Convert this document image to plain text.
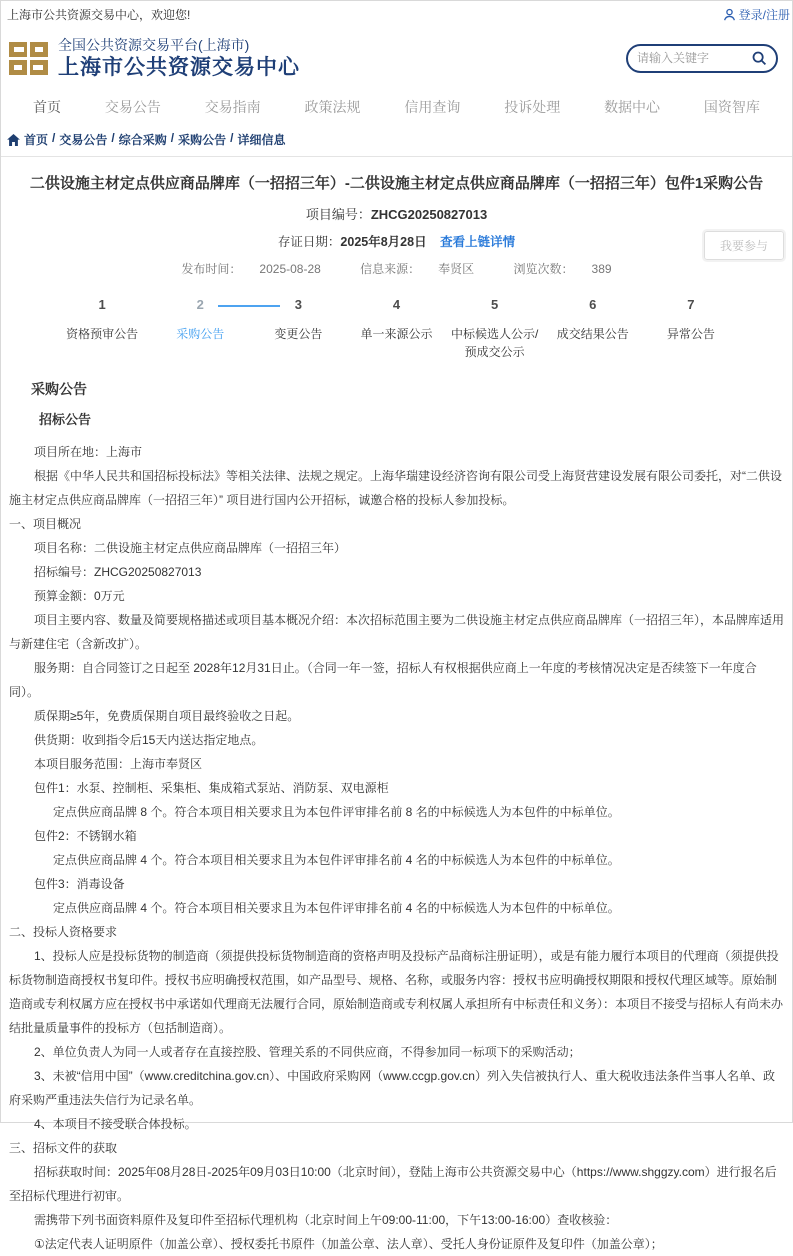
上海市公共资源交易中心，欢迎您!	登录/注册
全国公共资源交易平台(上海市)
上海市公共资源交易中心
请输入关键字
首页	交易公告	交易指南	政策法规	信用查询	投诉处理	数据中心	国资智库
首页 / 交易公告 / 综合采购 / 采购公告 / 详细信息
二供设施主材定点供应商品牌库（一招招三年）-二供设施主材定点供应商品牌库（一招招三年）包件1采购公告
项目编号：ZHCG20250827013
存证日期：2025年8月28日 查看上链详情
发布时间： 2025-08-28	信息来源： 奉贤区	浏览次数： 389
我要参与
1
资格预审公告
2
采购公告
3
变更公告
4
单一来源公示
5
中标候选人公示/预成交公示
6
成交结果公告
7
异常公告
采购公告
招标公告

项目所在地：上海市

根据《中华人民共和国招标投标法》等相关法律、法规之规定。上海华瑞建设经济咨询有限公司受上海贤营建设发展有限公司委托，对“二供设施主材定点供应商品牌库（一招招三年）” 项目进行国内公开招标，诚邀合格的投标人参加投标。

一、项目概况

项目名称：二供设施主材定点供应商品牌库（一招招三年）

招标编号：ZHCG20250827013

预算金额：0万元

项目主要内容、数量及简要规格描述或项目基本概况介绍：本次招标范围主要为二供设施主材定点供应商品牌库（一招招三年），本品牌库适用与新建住宅（含新改扩）。

服务期：自合同签订之日起至 2028年12月31日止。（合同一年一签，招标人有权根据供应商上一年度的考核情况决定是否续签下一年度合同）。

质保期≥5年，免费质保期自项目最终验收之日起。

供货期：收到指令后15天内送达指定地点。

本项目服务范围：上海市奉贤区

包件1：水泵、控制柜、采集柜、集成箱式泵站、消防泵、双电源柜

定点供应商品牌 8 个。符合本项目相关要求且为本包件评审排名前 8 名的中标候选人为本包件的中标单位。

包件2：不锈钢水箱

定点供应商品牌 4 个。符合本项目相关要求且为本包件评审排名前 4 名的中标候选人为本包件的中标单位。

包件3：消毒设备

定点供应商品牌 4 个。符合本项目相关要求且为本包件评审排名前 4 名的中标候选人为本包件的中标单位。

二、投标人资格要求

1、投标人应是投标货物的制造商（须提供投标货物制造商的资格声明及投标产品商标注册证明），或是有能力履行本项目的代理商（须提供投标货物制造商授权书复印件。授权书应明确授权范围，如产品型号、规格、名称，或服务内容：授权书应明确授权期限和授权代理区域等。原始制造商或专利权属方应在授权书中承诺如代理商无法履行合同，原始制造商或专利权属人承担所有中标责任和义务）：本项目不接受与招标人有尚未办结批量质量事件的投标方（包括制造商）。

2、单位负责人为同一人或者存在直接控股、管理关系的不同供应商，不得参加同一标项下的采购活动；

3、未被“信用中国”（www.creditchina.gov.cn）、中国政府采购网（www.ccgp.gov.cn）列入失信被执行人、重大税收违法条件当事人名单、政府采购严重违法失信行为记录名单。

4、本项目不接受联合体投标。

三、招标文件的获取

招标获取时间：2025年08月28日-2025年09月03日10:00（北京时间），登陆上海市公共资源交易中心（https://www.shggzy.com）进行报名后至招标代理进行初审。

需携带下列书面资料原件及复印件至招标代理机构（北京时间上午09:00-11:00，下午13:00-16:00）查收核验：

①法定代表人证明原件（加盖公章）、授权委托书原件（加盖公章、法人章）、受托人身份证原件及复印件（加盖公章）；
